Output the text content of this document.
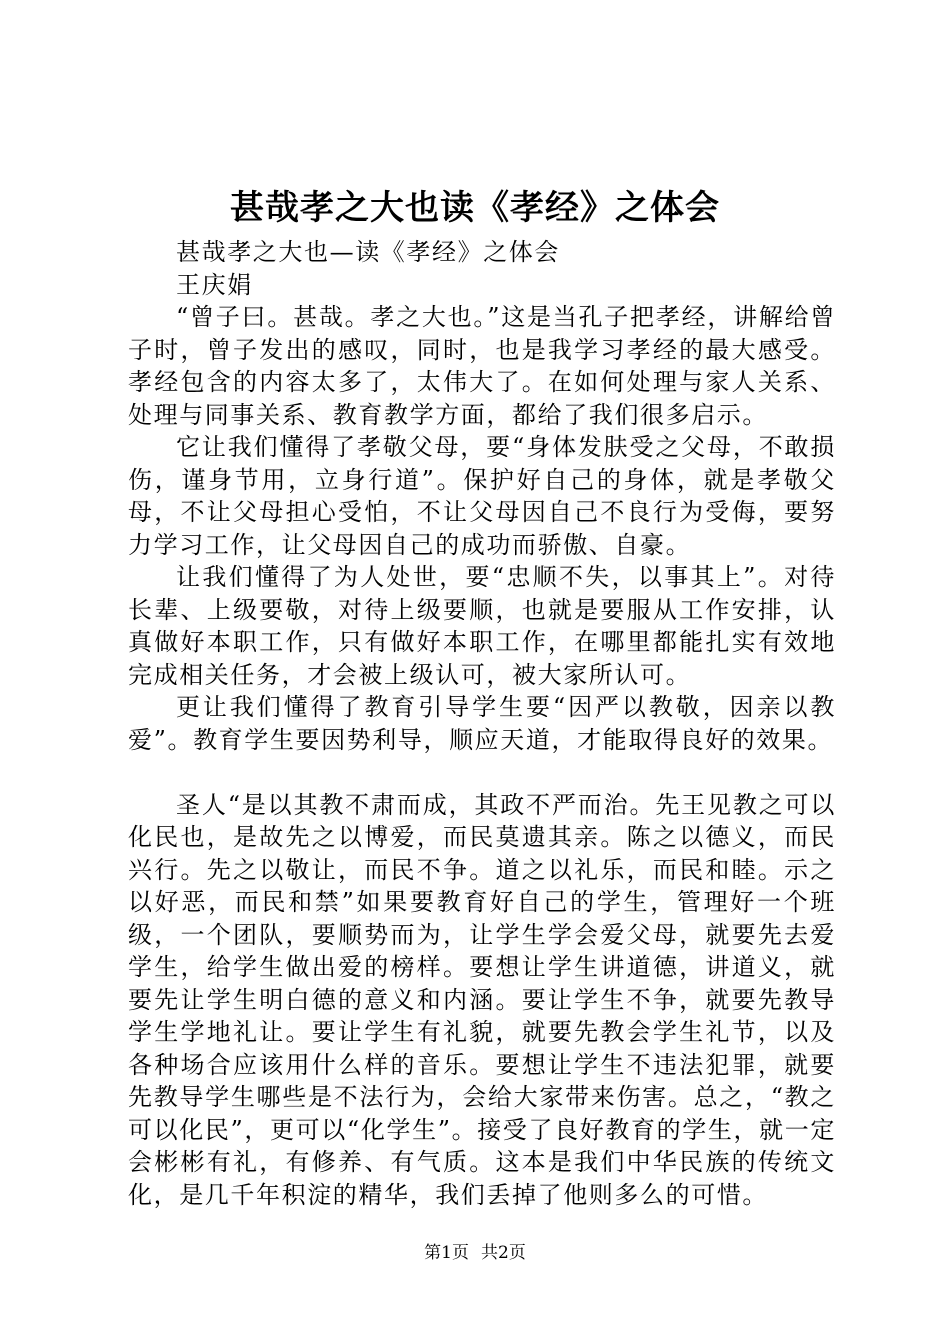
甚哉孝之大也读《孝经》之体会

甚哉孝之大也—读《孝经》之体会

王庆娟

“曾子曰。甚哉。孝之大也。”这是当孔子把孝经，讲解给曾子时，曾子发出的感叹，同时，也是我学习孝经的最大感受。孝经包含的内容太多了，太伟大了。在如何处理与家人关系、处理与同事关系、教育教学方面，都给了我们很多启示。

它让我们懂得了孝敬父母，要“身体发肤受之父母，不敢损伤，谨身节用，立身行道”。保护好自己的身体，就是孝敬父母，不让父母担心受怕，不让父母因自己不良行为受侮，要努力学习工作，让父母因自己的成功而骄傲、自豪。

让我们懂得了为人处世，要“忠顺不失，以事其上”。对待长辈、上级要敬，对待上级要顺，也就是要服从工作安排，认真做好本职工作，只有做好本职工作，在哪里都能扎实有效地完成相关任务，才会被上级认可，被大家所认可。

更让我们懂得了教育引导学生要“因严以教敬，因亲以教爱”。教育学生要因势利导，顺应天道，才能取得良好的效果。

圣人“是以其教不肃而成，其政不严而治。先王见教之可以化民也，是故先之以博爱，而民莫遗其亲。陈之以德义，而民兴行。先之以敬让，而民不争。道之以礼乐，而民和睦。示之以好恶，而民和禁”如果要教育好自己的学生，管理好一个班级，一个团队，要顺势而为，让学生学会爱父母，就要先去爱学生，给学生做出爱的榜样。要想让学生讲道德，讲道义，就要先让学生明白德的意义和内涵。要让学生不争，就要先教导学生学地礼让。要让学生有礼貌，就要先教会学生礼节，以及各种场合应该用什么样的音乐。要想让学生不违法犯罪，就要先教导学生哪些是不法行为，会给大家带来伤害。总之，“教之可以化民”，更可以“化学生”。接受了良好教育的学生，就一定会彬彬有礼，有修养、有气质。这本是我们中华民族的传统文化，是几千年积淀的精华，我们丢掉了他则多么的可惜。

第1页 共2页
